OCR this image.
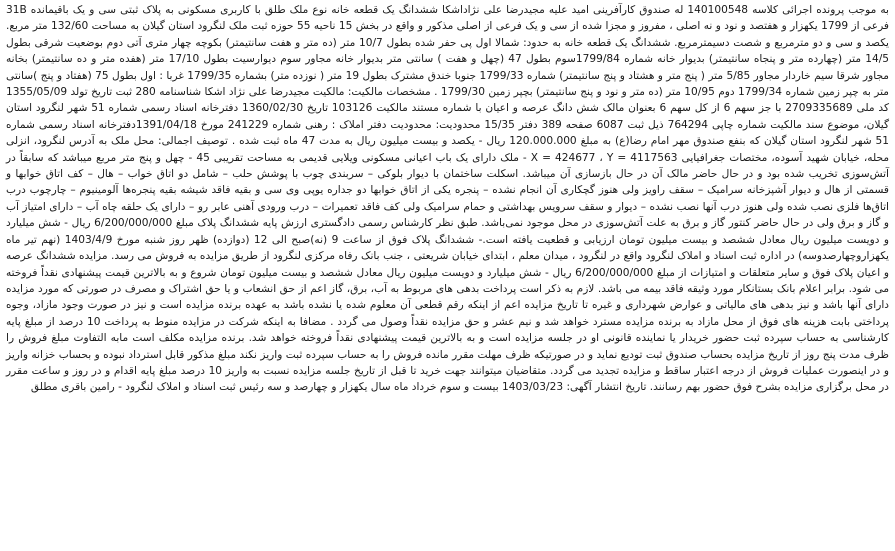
به موجب پرونده اجرائی کلاسه 140100548 له صندوق کارآفرینی امید علیه مجیدرضا علی نژاداشکا ششدانگ یک قطعه خانه نوع ملک طلق با کاربری مسکونی به پلاک ثبتی سی و یک باقیمانده 31B فرعی از 1799 یکهزار و هفتصد و نود و نه اصلی ، مفروز و مجزا شده از سی و یک فرعی از اصلی مذکور و واقع در بخش 15 ناحیه 55 حوزه ثبت ملک لنگرود استان گیلان به مساحت 132/60 متر مربع. یکصد و سی و دو مترمربع و شصت دسیمترمربع. ششدانگ یک قطعه خانه به حدود: شمالا اول پی حفر شده بطول 10/7 متر (ده متر و هفت سانتیمتر) بکوچه چهار متری آتی دوم بوضعیت شرقی بطول 14/5 متر (چهارده متر و پنجاه سانتیمتر) بدیوار خانه شماره 1799/84سوم بطول 47 (چهل و هفت ) سانتی متر بدیوار خانه مجاور سوم دیوارسیت بطول 17/10 متر (هفده متر و ده سانتیمتر) بخانه مجاور شرقا سیم خاردار مجاور 5/85 متر ( پنج متر و هشتاد و پنج سانتیمتر) شماره 1799/33 جنوبا خندق مشترک بطول 19 متر ( نوزده متر) بشماره 1799/35 غربا : اول بطول 75 (هفتاد و پنج )سانتی متر به چپر زمین شماره 1799/34 دوم 10/95 متر (ده متر و نود و پنج سانتیمتر) بچپر زمین 1799/30 . مشخصات مالکیت: مالکیت مجیدرضا علی نژاد اشکا شناسنامه 280 ثبت تاریخ تولد 1355/05/09 کد ملی 2709335689 با جز سهم 6 از کل سهم 6 بعنوان مالک شش دانگ عرصه و اعیان با شماره مستند مالکیت 103126 تاریخ 1360/02/30 دفترخانه اسناد رسمی شماره 51 شهر لنگرود استان گیلان، موضوع سند مالکیت شماره چاپی 764294 ذیل ثبت 6087 صفحه 389 دفتر 15/35 محدودیت: محدودیت دفتر املاک : رهنی شماره 241229 مورخ 1391/04/18دفترخانه اسناد رسمی شماره 51 شهر لنگرود استان گیلان که بنفع صندوق مهر امام رضا(ع) به مبلغ 120.000.000 ریال - یکصد و بیست میلیون ریال به مدت 47 ماه ثبت شده . توصیف اجمالی: محل ملک به آدرس لنگرود، انزلی محله، خیابان شهید آسوده، مختصات جغرافیایی X = 424677 ، Y = 4117563 - ملک دارای یک باب اعیانی مسکونی ویلایی قدیمی به مساحت تقریبی 45 - چهل و پنج متر مربع میباشد که سابقاً در آتش‌سوزی تخریب شده بود و در حال حاضر مالک آن در حال بازسازی آن میباشد. اسکلت ساختمان با دیوار بلوکی – سربندی چوب با پوشش حلب – شامل دو اتاق خواب – هال – کف اتاق خوابها و قسمتی از هال و دیوار آشپزخانه سرامیک – سقف راویز ولی هنوز گچکاری آن انجام نشده – پنجره یکی از اتاق خوابها دو جداره یوپی وی سی و بقیه فاقد شیشه بقیه پنجره‌ها آلومینیوم – چارچوب درب اتاق‌ها فلزی نصب شده ولی هنوز درب آنها نصب نشده – دیوار و سقف سرویس بهداشتی و حمام سرامیک ولی کف فاقد تعمیرات – درب ورودی آهنی عابر رو – دارای یک حلقه چاه آب – دارای امتیاز آب و گاز و برق ولی در حال حاضر کنتور گاز و برق به علت آتش‌سوزی در محل موجود نمی‌باشد. طبق نظر کارشناس رسمی دادگستری ارزش پایه ششدانگ پلاک مبلغ 6/200/000/000 ریال - شش میلیارد و دویست میلیون ریال معادل ششصد و بیست میلیون تومان ارزیابی و قطعیت یافته است.- ششدانگ پلاک فوق از ساعت 9 (نه)صبح الی 12 (دوازده) ظهر روز شنبه مورخ 1403/4/9 (نهم تیر ماه یکهزاروچهارصدوسه) در اداره ثبت اسناد و املاک لنگرود واقع در لنگرود ، میدان معلم ، ابتدای خیابان شریعتی ، جنب بانک رفاه مرکزی لنگرود از طریق مزایده به فروش می رسد. مزایده ششدانگ عرصه و اعیان پلاک فوق و سایر متعلقات و امتیازات از مبلغ 6/200/000/000 ریال - شش میلیارد و دویست میلیون ریال معادل ششصد و بیست میلیون تومان شروع و به بالاترین قیمت پیشنهادی نقداً فروخته می شود. برابر اعلام بانک بستانکار مورد وثیقه فاقد بیمه می باشد. لازم به ذکر است پرداخت بدهی های مربوط به آب، برق، گاز اعم از حق انشعاب و یا حق اشتراک و مصرف در صورتی که مورد مزایده دارای آنها باشد و نیز بدهی های مالیاتی و عوارض شهرداری و غیره تا تاریخ مزایده اعم از اینکه رقم قطعی آن معلوم شده یا نشده باشد به عهده برنده مزایده است و نیز در صورت وجود مازاد، وجوه پرداختی بابت هزینه های فوق از محل مازاد به برنده مزایده مسترد خواهد شد و نیم عشر و حق مزایده نقداً وصول می گردد . مضافا به اینکه شرکت در مزایده منوط به پرداخت 10 درصد از مبلغ پایه کارشناسی به حساب سپرده ثبت حضور خریدار یا نماینده قانونی او در جلسه مزایده است و به بالاترین قیمت پیشنهادی نقداً فروخته خواهد شد. برنده مزایده مکلف است مابه التفاوت مبلغ فروش را ظرف مدت پنج روز از تاریخ مزایده بحساب صندوق ثبت تودیع نماید و در صورتیکه ظرف مهلت مقرر مانده فروش را به حساب سپرده ثبت واریز نکند مبلغ مذکور قابل استرداد نبوده و بحساب خزانه واریز و در اینصورت عملیات فروش از درجه اعتبار ساقط و مزایده تجدید می گردد. متقاضیان میتوانند جهت خرید تا قبل از تاریخ جلسه مزایده نسبت به واریز 10 درصد مبلغ پایه اقدام و در روز و ساعت مقرر در محل برگزاری مزایده بشرح فوق حضور بهم رسانند. تاریخ انتشار آگهی: 1403/03/23 بیست و سوم خرداد ماه سال یکهزار و چهارصد و سه رئیس ثبت اسناد و املاک لنگرود - رامین باقری مطلق
